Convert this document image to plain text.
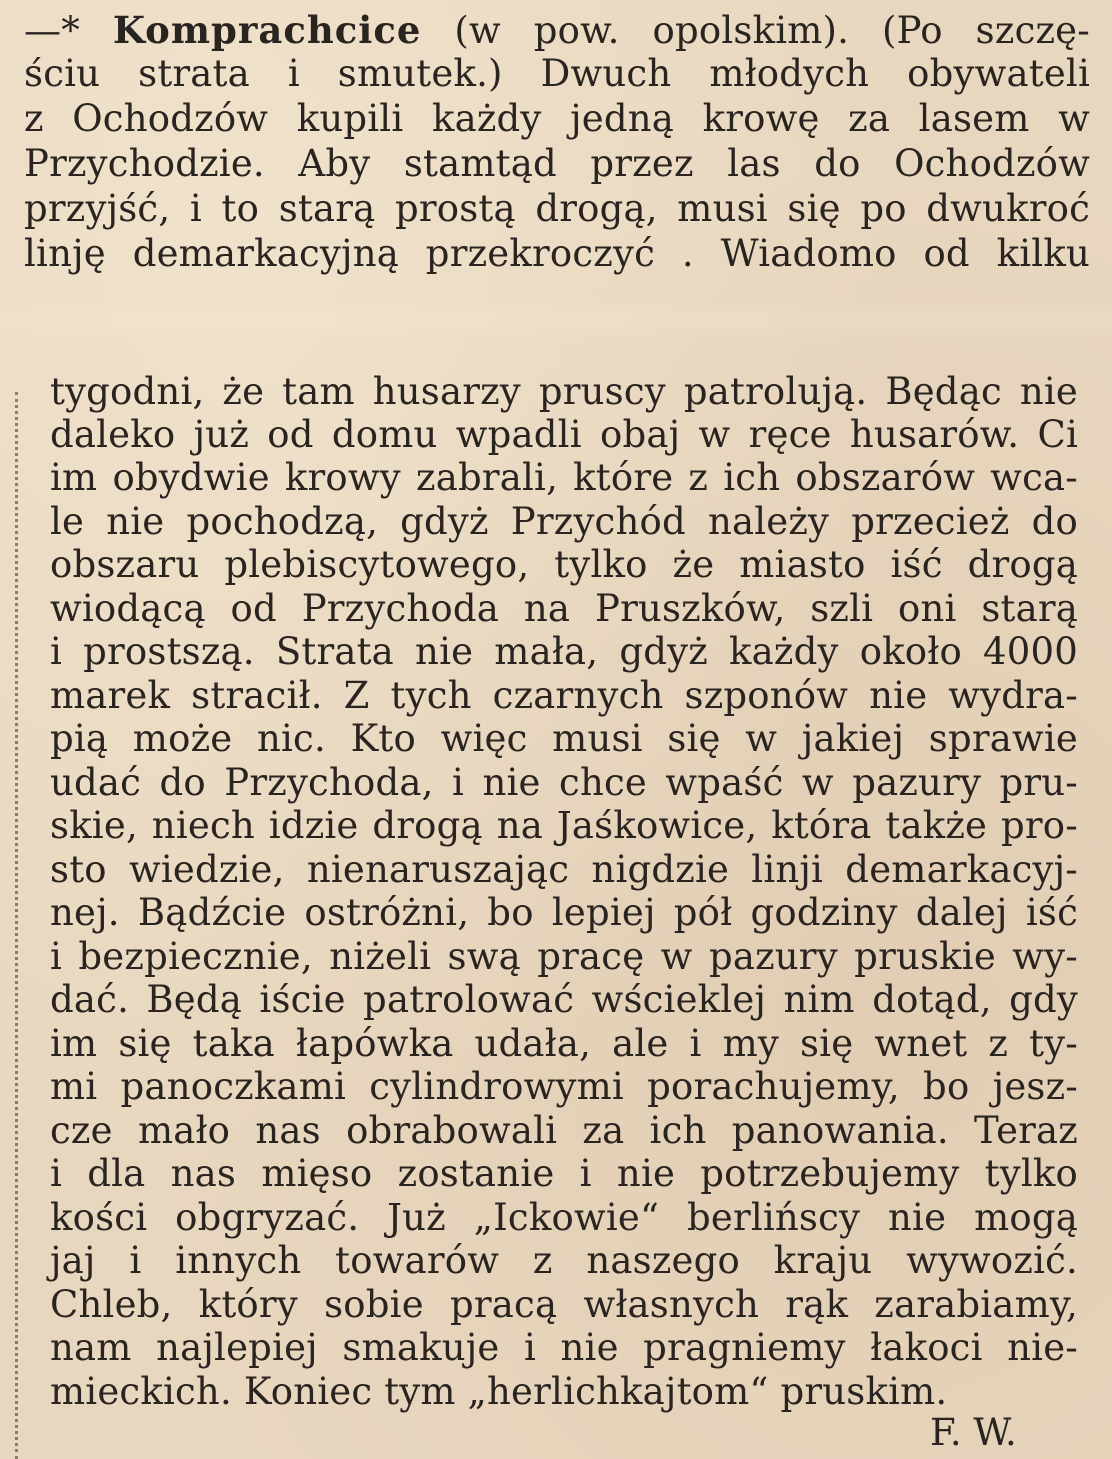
—* Komprachcice (w pow. opolskim). (Po szczę-
ściu strata i smutek.) Dwuch młodych obywateli
z Ochodzów kupili każdy jedną krowę za lasem w
Przychodzie. Aby stamtąd przez las do Ochodzów
przyjść, i to starą prostą drogą, musi się po dwukroć
linję demarkacyjną przekroczyć . Wiadomo od kilku
tygodni, że tam husarzy pruscy patrolują. Będąc nie
daleko już od domu wpadli obaj w ręce husarów. Ci
im obydwie krowy zabrali, które z ich obszarów wca-
le nie pochodzą, gdyż Przychód należy przecież do
obszaru plebiscytowego, tylko że miasto iść drogą
wiodącą od Przychoda na Pruszków, szli oni starą
i prostszą. Strata nie mała, gdyż każdy około 4000
marek stracił. Z tych czarnych szponów nie wydra-
pią może nic. Kto więc musi się w jakiej sprawie
udać do Przychoda, i nie chce wpaść w pazury pru-
skie, niech idzie drogą na Jaśkowice, która także pro-
sto wiedzie, nienaruszając nigdzie linji demarkacyj-
nej. Bądźcie ostróżni, bo lepiej pół godziny dalej iść
i bezpiecznie, niżeli swą pracę w pazury pruskie wy-
dać. Będą iście patrolować wścieklej nim dotąd, gdy
im się taka łapówka udała, ale i my się wnet z ty-
mi panoczkami cylindrowymi porachujemy, bo jesz-
cze mało nas obrabowali za ich panowania. Teraz
i dla nas mięso zostanie i nie potrzebujemy tylko
kości obgryzać. Już „Ickowie“ berlińscy nie mogą
jaj i innych towarów z naszego kraju wywozić.
Chleb, który sobie pracą własnych rąk zarabiamy,
nam najlepiej smakuje i nie pragniemy łakoci nie-
mieckich. Koniec tym „herlichkajtom“ pruskim.
F. W.
